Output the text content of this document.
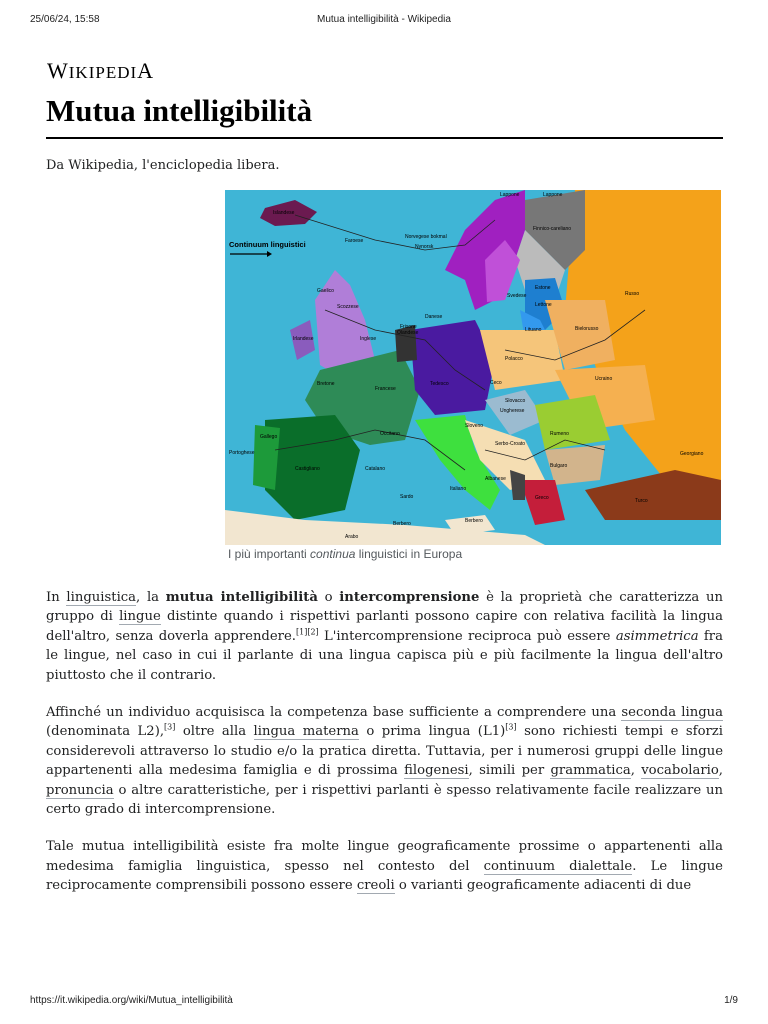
25/06/24, 15:58	Mutua intelligibilità - Wikipedia
WIKIPEDIA
Mutua intelligibilità
Da Wikipedia, l'enciclopedia libera.
Continuum linguistici
Islandese
Faroese
Norvegese bokmal
Nynorsk
Lappone	Lappone
Finnico-careliano
Svedese
Estone
Lettone
Lituano
Danese
Frisone
Olandese
Gaelico
Scozzese
Irlandese	Inglese
Bretone
Francese
Tedesco
Polacco
Bielorusso
Russo
Ucraino
Ceco
Slovacco
Ungherese
Rumeno
Occitano
Catalano
Castigliano
Gallego
Portoghese
Arabo
Berbero	Berbero
Italiano
Sloveno
Serbo-Croato
Bulgaro
Albanese
Greco
Georgiano
Turco
Sardo
I più importanti continua linguistici in Europa

In linguistica, la mutua intelligibilità o intercomprensione è la proprietà che caratterizza un gruppo di lingue distinte quando i rispettivi parlanti possono capire con relativa facilità la lingua dell'altro, senza doverla apprendere.[1][2] L'intercomprensione reciproca può essere asimmetrica fra le lingue, nel caso in cui il parlante di una lingua capisca più e più facilmente la lingua dell'altro piuttosto che il contrario.

Affinché un individuo acquisisca la competenza base sufficiente a comprendere una seconda lingua (denominata L2),[3] oltre alla lingua materna o prima lingua (L1)[3] sono richiesti tempi e sforzi considerevoli attraverso lo studio e/o la pratica diretta. Tuttavia, per i numerosi gruppi delle lingue appartenenti alla medesima famiglia e di prossima filogenesi, simili per grammatica, vocabolario, pronuncia o altre caratteristiche, per i rispettivi parlanti è spesso relativamente facile realizzare un certo grado di intercomprensione.

Tale mutua intelligibilità esiste fra molte lingue geograficamente prossime o appartenenti alla medesima famiglia linguistica, spesso nel contesto del continuum dialettale. Le lingue reciprocamente comprensibili possono essere creoli o varianti geograficamente adiacenti di due

https://it.wikipedia.org/wiki/Mutua_intelligibilità	1/9
